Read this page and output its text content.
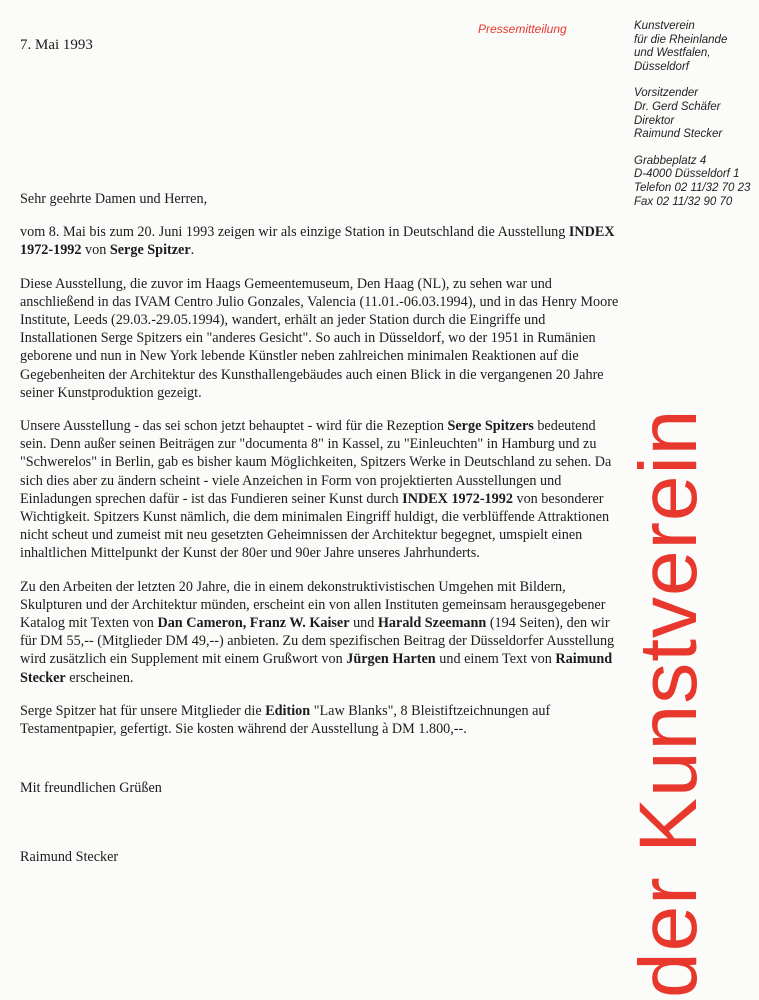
7. Mai 1993
Pressemitteilung	Kunstverein
für die Rheinlande
und Westfalen,
Düsseldorf
Vorsitzender
Dr. Gerd Schäfer
Direktor
Raimund Stecker
Grabbeplatz 4
D-4000 Düsseldorf 1
Telefon 02 11/32 70 23
Fax 02 11/32 90 70
der Kunstverein

Sehr geehrte Damen und Herren,

vom 8. Mai bis zum 20. Juni 1993 zeigen wir als einzige Station in Deutschland die Ausstellung INDEX 1972-1992 von Serge Spitzer.

Diese Ausstellung, die zuvor im Haags Gemeentemuseum, Den Haag (NL), zu sehen war und anschließend in das IVAM Centro Julio Gonzales, Valencia (11.01.-06.03.1994), und in das Henry Moore Institute, Leeds (29.03.-29.05.1994), wandert, erhält an jeder Station durch die Eingriffe und Installationen Serge Spitzers ein "anderes Gesicht". So auch in Düsseldorf, wo der 1951 in Rumänien geborene und nun in New York lebende Künstler neben zahlreichen minimalen Reaktionen auf die Gegebenheiten der Architektur des Kunsthallengebäudes auch einen Blick in die vergangenen 20 Jahre seiner Kunstproduktion gezeigt.

Unsere Ausstellung - das sei schon jetzt behauptet - wird für die Rezeption Serge Spitzers bedeutend sein. Denn außer seinen Beiträgen zur "documenta 8" in Kassel, zu "Einleuchten" in Hamburg und zu "Schwerelos" in Berlin, gab es bisher kaum Möglichkeiten, Spitzers Werke in Deutschland zu sehen. Da sich dies aber zu ändern scheint - viele Anzeichen in Form von projektierten Ausstellungen und Einladungen sprechen dafür - ist das Fundieren seiner Kunst durch INDEX 1972-1992 von besonderer Wichtigkeit. Spitzers Kunst nämlich, die dem minimalen Eingriff huldigt, die verblüffende Attraktionen nicht scheut und zumeist mit neu gesetzten Geheimnissen der Architektur begegnet, umspielt einen inhaltlichen Mittelpunkt der Kunst der 80er und 90er Jahre unseres Jahrhunderts.

Zu den Arbeiten der letzten 20 Jahre, die in einem dekonstruktivistischen Umgehen mit Bildern, Skulpturen und der Architektur münden, erscheint ein von allen Instituten gemeinsam herausgegebener Katalog mit Texten von Dan Cameron, Franz W. Kaiser und Harald Szeemann (194 Seiten), den wir für DM 55,-- (Mitglieder DM 49,--) anbieten. Zu dem spezifischen Beitrag der Düsseldorfer Ausstellung wird zusätzlich ein Supplement mit einem Grußwort von Jürgen Harten und einem Text von Raimund Stecker erscheinen.

Serge Spitzer hat für unsere Mitglieder die Edition "Law Blanks", 8 Bleistiftzeichnungen auf Testamentpapier, gefertigt. Sie kosten während der Ausstellung à DM 1.800,--.

Mit freundlichen Grüßen
Raimund Stecker
